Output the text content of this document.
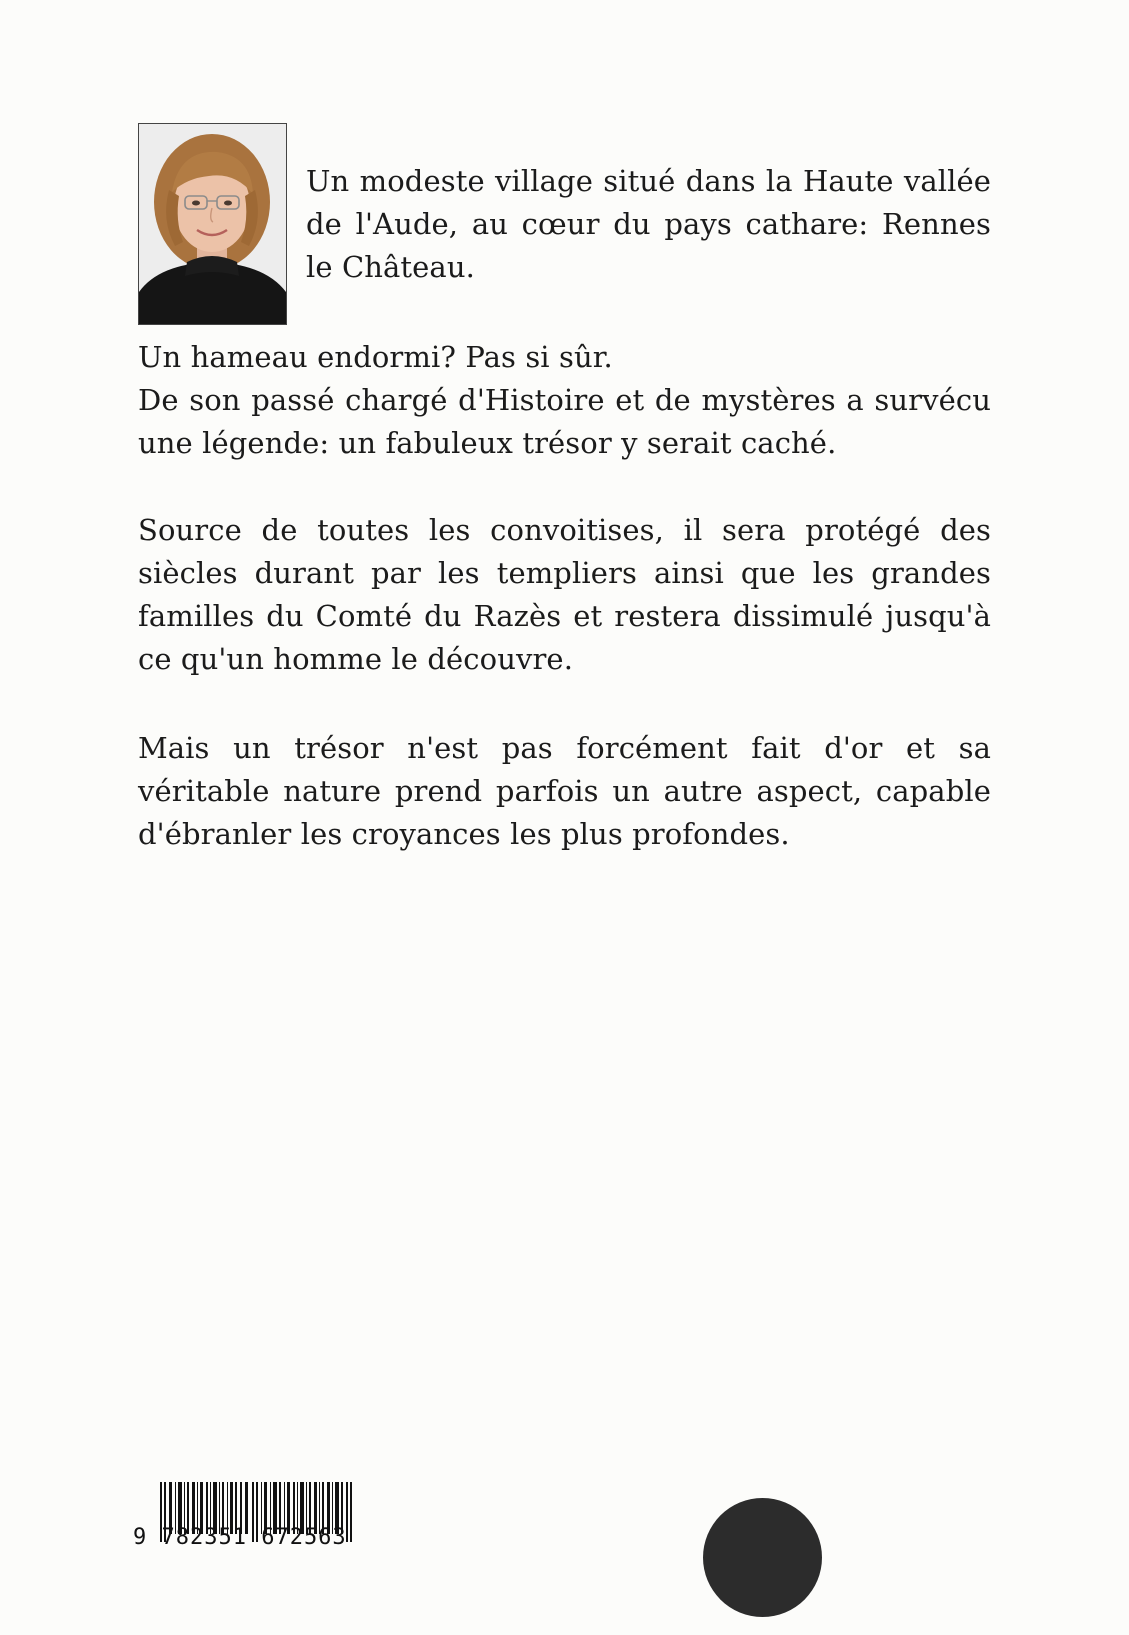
Un modeste village situé dans la Haute vallée de l'Aude, au cœur du pays cathare: Rennes le Château.
Un hameau endormi? Pas si sûr.
De son passé chargé d'Histoire et de mystères a survécu une légende: un fabuleux trésor y serait caché.
Source de toutes les convoitises, il sera protégé des siècles durant par les templiers ainsi que les grandes familles du Comté du Razès et restera dissimulé jusqu'à ce qu'un homme le découvre.
Mais un trésor n'est pas forcément fait d'or et sa véritable nature prend parfois un autre aspect, capable d'ébranler les croyances les plus profondes.
9 782351 672563
